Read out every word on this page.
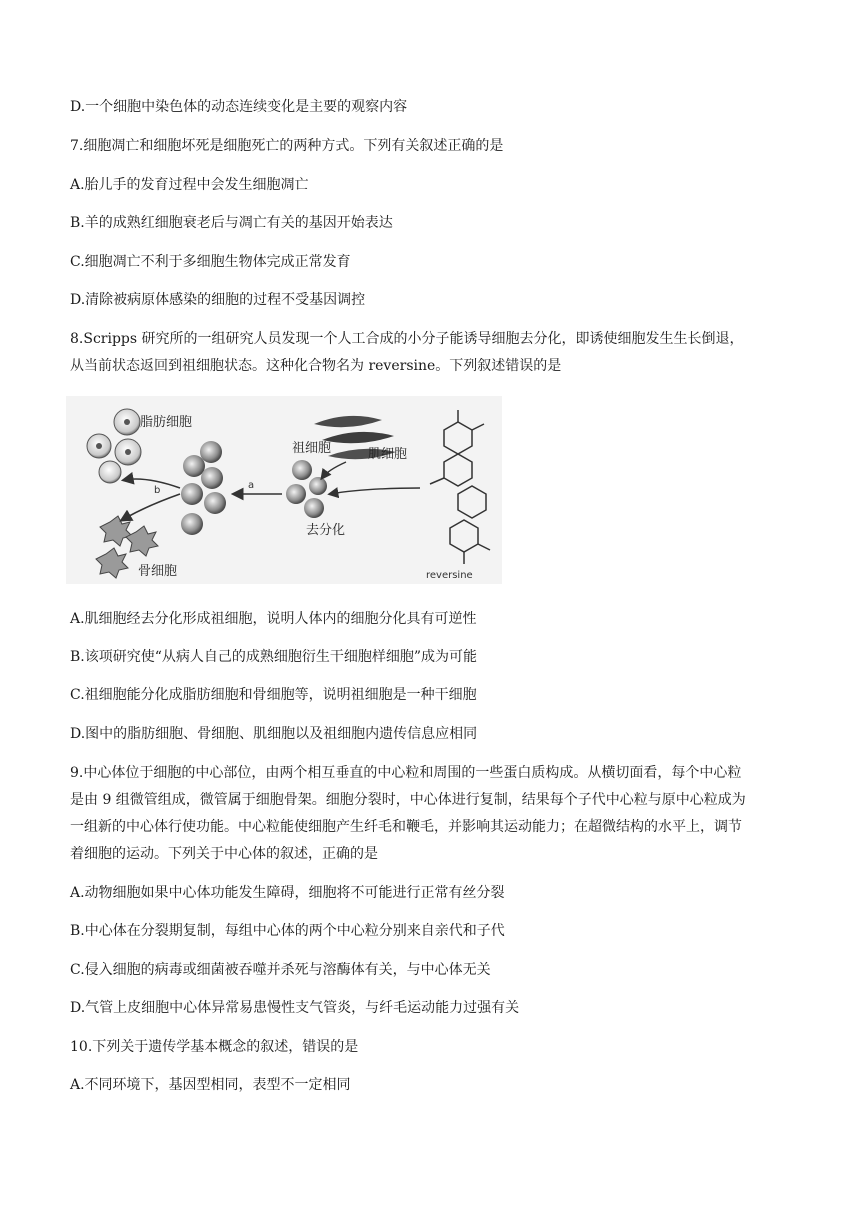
D.一个细胞中染色体的动态连续变化是主要的观察内容
7.细胞凋亡和细胞坏死是细胞死亡的两种方式。下列有关叙述正确的是
A.胎儿手的发育过程中会发生细胞凋亡
B.羊的成熟红细胞衰老后与凋亡有关的基因开始表达
C.细胞凋亡不利于多细胞生物体完成正常发育
D.清除被病原体感染的细胞的过程不受基因调控
8.Scripps 研究所的一组研究人员发现一个人工合成的小分子能诱导细胞去分化，即诱使细胞发生生长倒退，
从当前状态返回到祖细胞状态。这种化合物名为 reversine。下列叙述错误的是
脂肪细胞
骨细胞
b	a
祖细胞
去分化
肌细胞
reversine
A.肌细胞经去分化形成祖细胞，说明人体内的细胞分化具有可逆性
B.该项研究使“从病人自己的成熟细胞衍生干细胞样细胞”成为可能
C.祖细胞能分化成脂肪细胞和骨细胞等，说明祖细胞是一种干细胞
D.图中的脂肪细胞、骨细胞、肌细胞以及祖细胞内遗传信息应相同
9.中心体位于细胞的中心部位，由两个相互垂直的中心粒和周围的一些蛋白质构成。从横切面看，每个中心粒
是由 9 组微管组成，微管属于细胞骨架。细胞分裂时，中心体进行复制，结果每个子代中心粒与原中心粒成为
一组新的中心体行使功能。中心粒能使细胞产生纤毛和鞭毛，并影响其运动能力；在超微结构的水平上，调节
着细胞的运动。下列关于中心体的叙述，正确的是
A.动物细胞如果中心体功能发生障碍，细胞将不可能进行正常有丝分裂
B.中心体在分裂期复制，每组中心体的两个中心粒分别来自亲代和子代
C.侵入细胞的病毒或细菌被吞噬并杀死与溶酶体有关，与中心体无关
D.气管上皮细胞中心体异常易患慢性支气管炎，与纤毛运动能力过强有关
10.下列关于遗传学基本概念的叙述，错误的是
A.不同环境下，基因型相同，表型不一定相同
